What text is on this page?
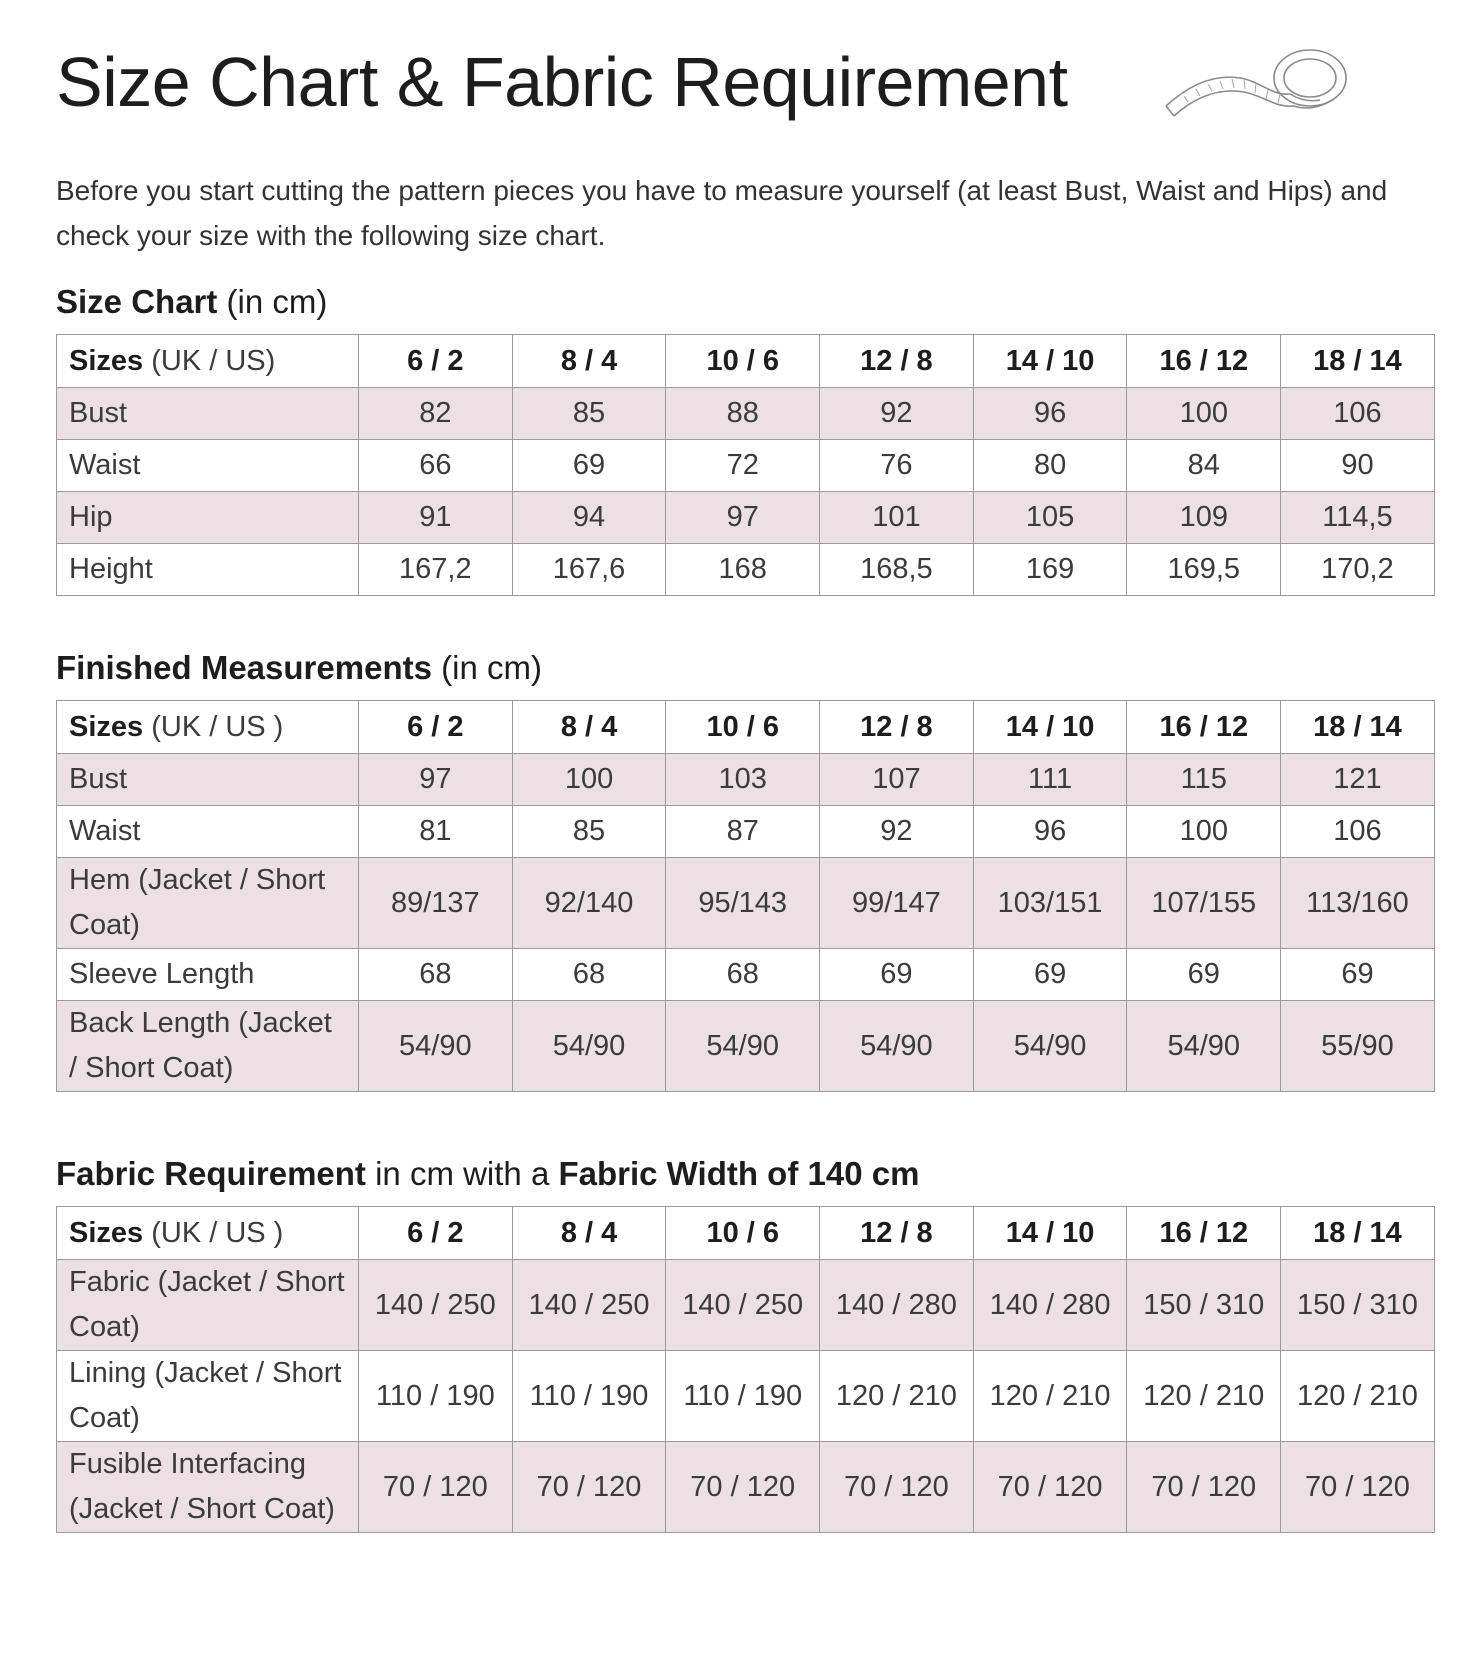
Size Chart & Fabric Requirement

Before you start cutting the pattern pieces you have to measure yourself (at least Bust, Waist and Hips) and check your size with the following size chart.

Size Chart (in cm)
Sizes (UK / US)	6 / 2	8 / 4	10 / 6	12 / 8	14 / 10	16 / 12	18 / 14
Bust	82	85	88	92	96	100	106
Waist	66	69	72	76	80	84	90
Hip	91	94	97	101	105	109	114,5
Height	167,2	167,6	168	168,5	169	169,5	170,2
Finished Measurements (in cm)
Sizes (UK / US )	6 / 2	8 / 4	10 / 6	12 / 8	14 / 10	16 / 12	18 / 14
Bust	97	100	103	107	111	115	121
Waist	81	85	87	92	96	100	106
Hem (Jacket / Short Coat)	89/137	92/140	95/143	99/147	103/151	107/155	113/160
Sleeve Length	68	68	68	69	69	69	69
Back Length (Jacket / Short Coat)	54/90	54/90	54/90	54/90	54/90	54/90	55/90
Fabric Requirement in cm with a Fabric Width of 140 cm
Sizes (UK / US )	6 / 2	8 / 4	10 / 6	12 / 8	14 / 10	16 / 12	18 / 14
Fabric (Jacket / Short Coat)	140 / 250	140 / 250	140 / 250	140 / 280	140 / 280	150 / 310	150 / 310
Lining (Jacket / Short Coat)	110 / 190	110 / 190	110 / 190	120 / 210	120 / 210	120 / 210	120 / 210
Fusible Interfacing (Jacket / Short Coat)	70 / 120	70 / 120	70 / 120	70 / 120	70 / 120	70 / 120	70 / 120
